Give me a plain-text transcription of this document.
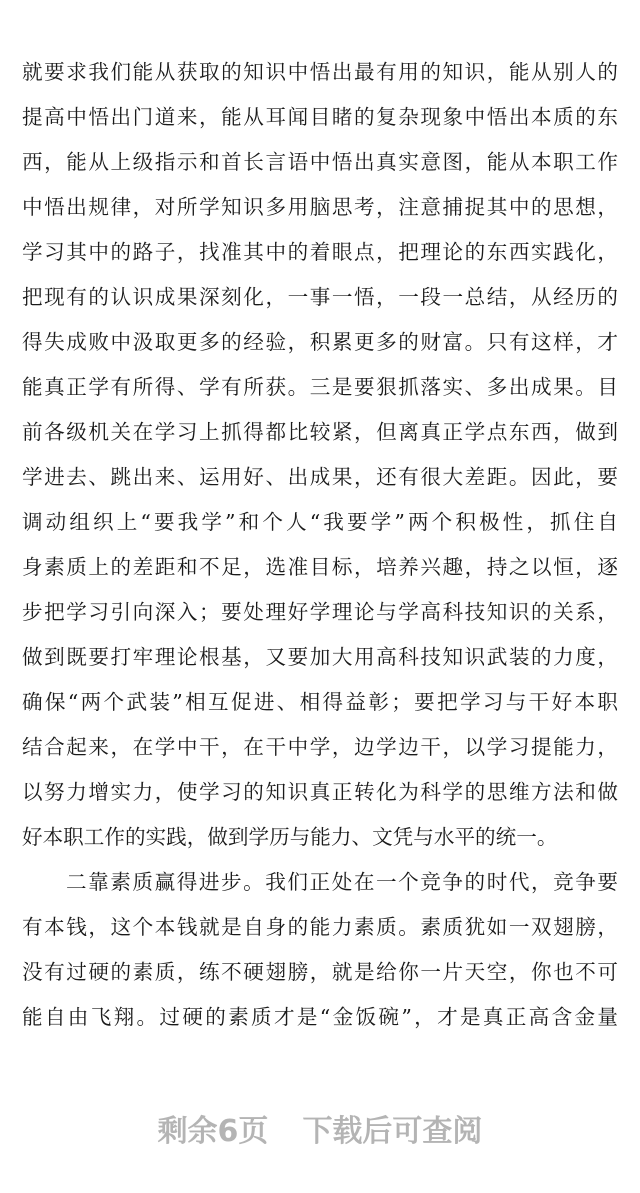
就要求我们能从获取的知识中悟出最有用的知识，能从别人的
提高中悟出门道来，能从耳闻目睹的复杂现象中悟出本质的东
西，能从上级指示和首长言语中悟出真实意图，能从本职工作
中悟出规律，对所学知识多用脑思考，注意捕捉其中的思想，
学习其中的路子，找准其中的着眼点，把理论的东西实践化，
把现有的认识成果深刻化，一事一悟，一段一总结，从经历的
得失成败中汲取更多的经验，积累更多的财富。只有这样，才
能真正学有所得、学有所获。三是要狠抓落实、多出成果。目
前各级机关在学习上抓得都比较紧，但离真正学点东西，做到
学进去、跳出来、运用好、出成果，还有很大差距。因此，要
调动组织上“要我学”和个人“我要学”两个积极性，抓住自
身素质上的差距和不足，选准目标，培养兴趣，持之以恒，逐
步把学习引向深入；要处理好学理论与学高科技知识的关系，
做到既要打牢理论根基，又要加大用高科技知识武装的力度，
确保“两个武装”相互促进、相得益彰；要把学习与干好本职
结合起来，在学中干，在干中学，边学边干，以学习提能力，
以努力增实力，使学习的知识真正转化为科学的思维方法和做
好本职工作的实践，做到学历与能力、文凭与水平的统一。
二靠素质赢得进步。我们正处在一个竞争的时代，竞争要
有本钱，这个本钱就是自身的能力素质。素质犹如一双翅膀，
没有过硬的素质，练不硬翅膀，就是给你一片天空，你也不可
能自由飞翔。过硬的素质才是“金饭碗”，才是真正高含金量
剩余6页 下载后可查阅
